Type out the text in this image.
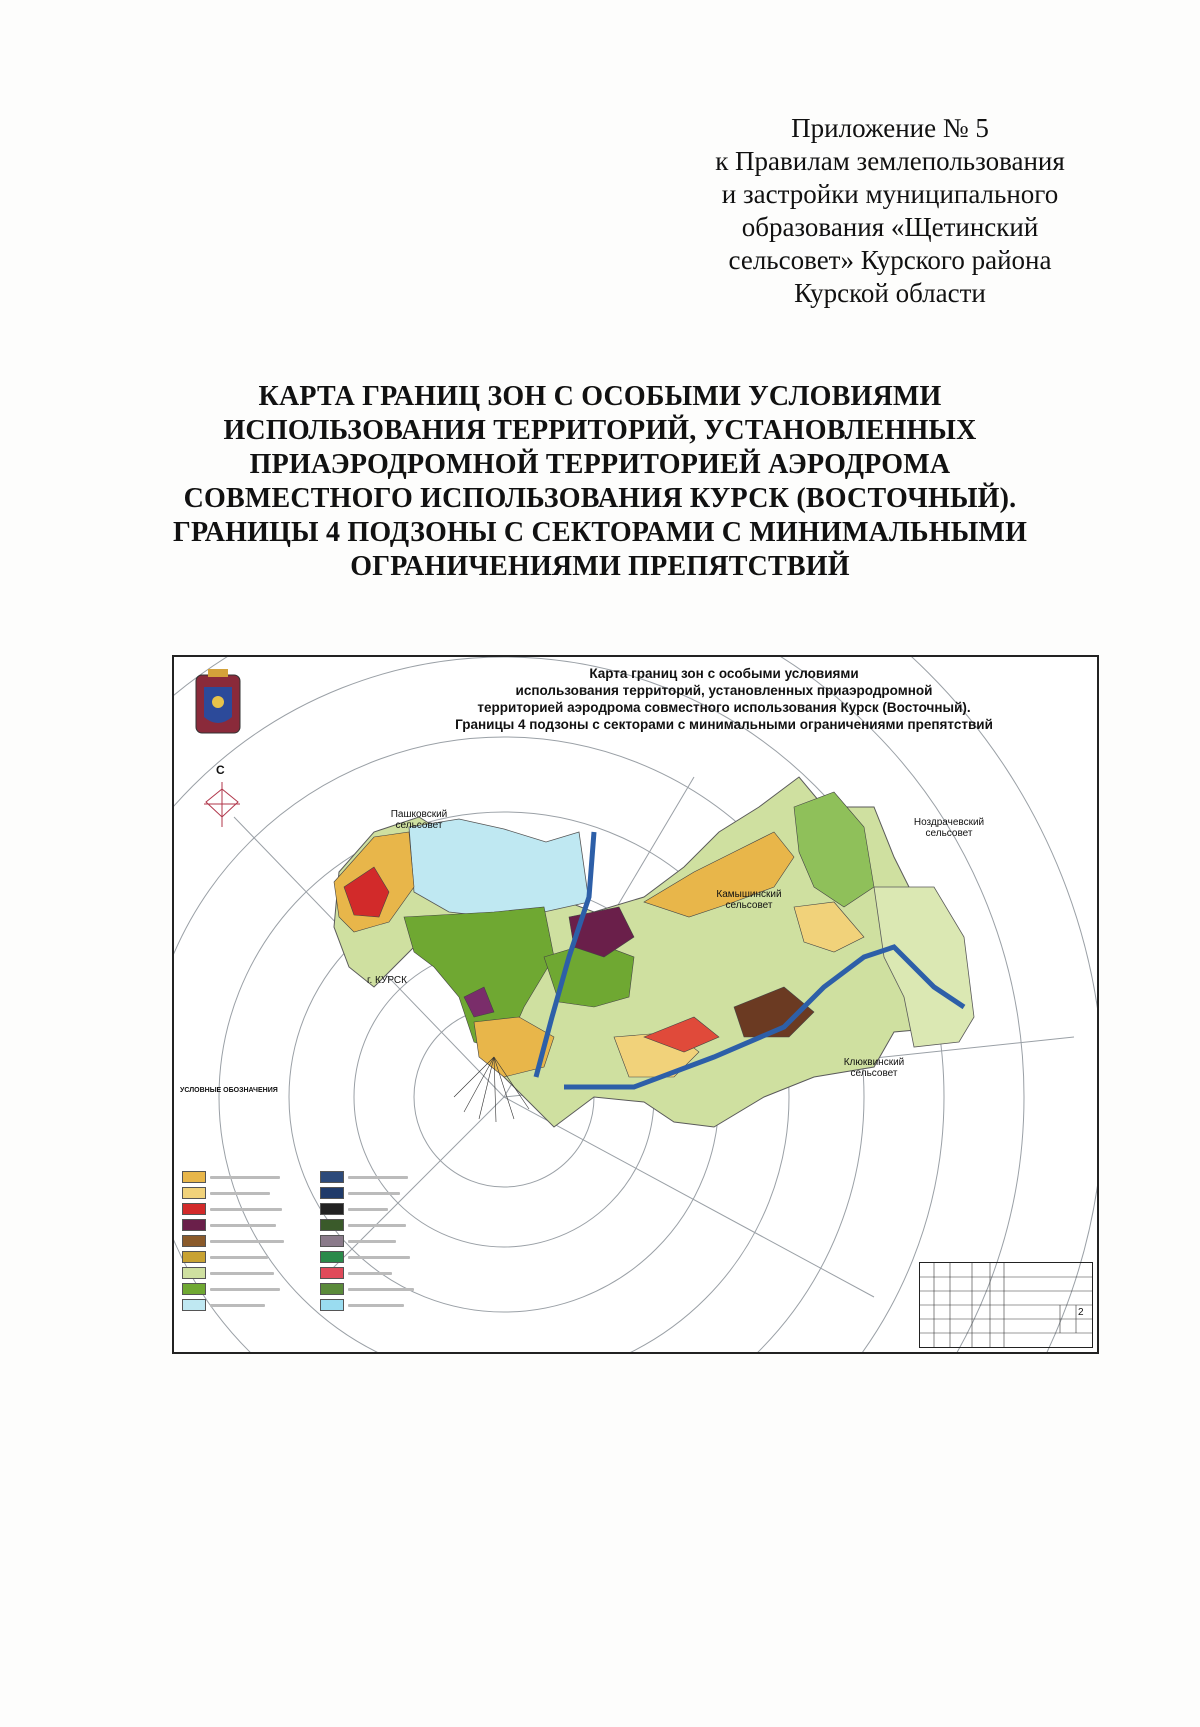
Приложение № 5
к Правилам землепользования
и застройки муниципального
образования «Щетинский
сельсовет» Курского района
Курской области
КАРТА ГРАНИЦ ЗОН С ОСОБЫМИ УСЛОВИЯМИ
ИСПОЛЬЗОВАНИЯ ТЕРРИТОРИЙ, УСТАНОВЛЕННЫХ
ПРИАЭРОДРОМНОЙ ТЕРРИТОРИЕЙ АЭРОДРОМА
СОВМЕСТНОГО ИСПОЛЬЗОВАНИЯ КУРСК (ВОСТОЧНЫЙ).
ГРАНИЦЫ 4 ПОДЗОНЫ С СЕКТОРАМИ С МИНИМАЛЬНЫМИ
ОГРАНИЧЕНИЯМИ ПРЕПЯТСТВИЙ
Карта границ зон с особыми условиями
использования территорий, установленных приаэродромной
территорией аэродрома совместного использования Курск (Восточный).
Границы 4 подзоны с секторами с минимальными ограничениями препятствий
С
Пашковский сельсовет	Ноздрачевский сельсовет
Камышинский сельсовет
г. КУРСК
Клюквинский сельсовет
УСЛОВНЫЕ ОБОЗНАЧЕНИЯ
2
